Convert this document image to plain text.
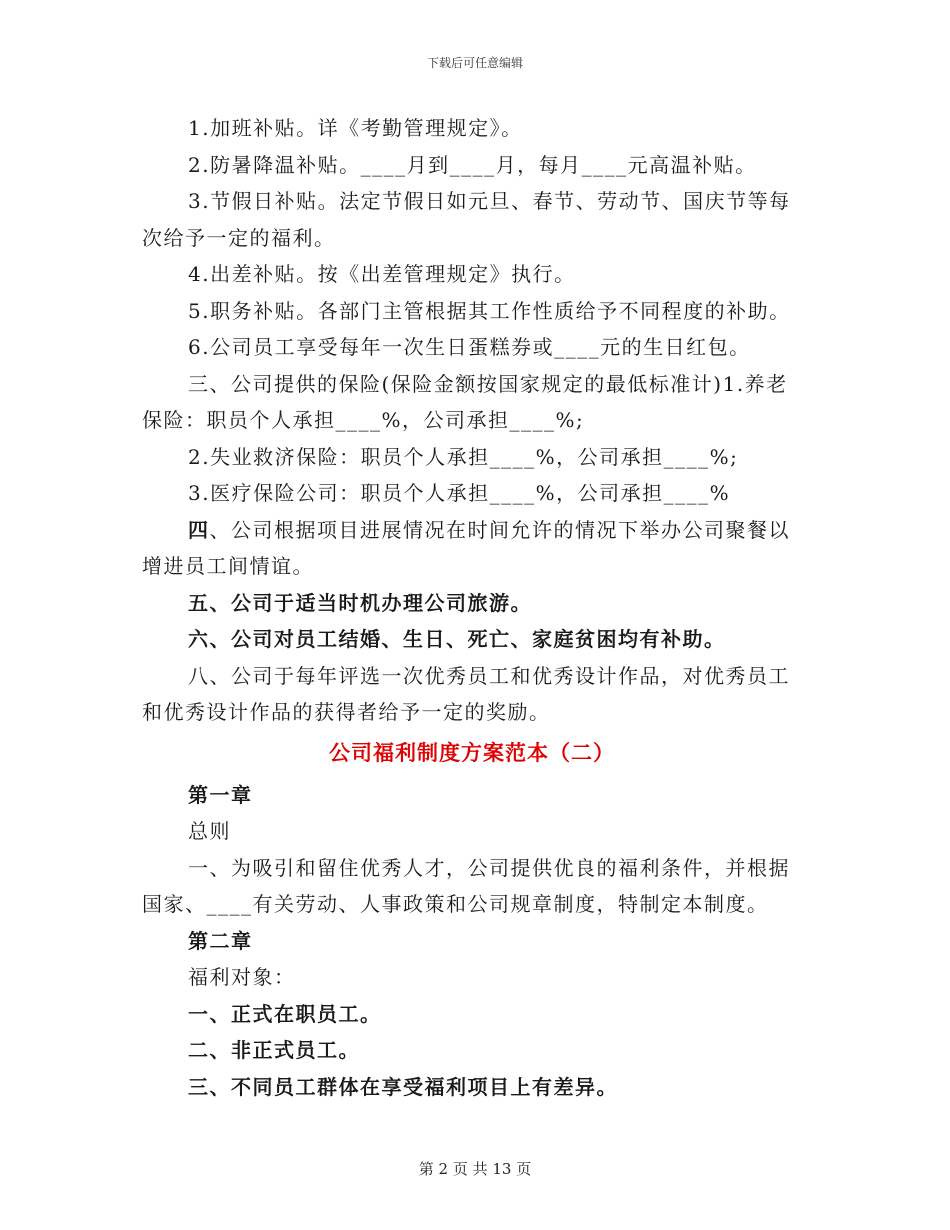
下载后可任意编辑

1.加班补贴。详《考勤管理规定》。

2.防暑降温补贴。____月到____月，每月____元高温补贴。

3.节假日补贴。法定节假日如元旦、春节、劳动节、国庆节等每次给予一定的福利。

4.出差补贴。按《出差管理规定》执行。

5.职务补贴。各部门主管根据其工作性质给予不同程度的补助。

6.公司员工享受每年一次生日蛋糕券或____元的生日红包。

三、公司提供的保险(保险金额按国家规定的最低标准计)1.养老保险：职员个人承担____%，公司承担____%;

2.失业救济保险：职员个人承担____%，公司承担____%;

3.医疗保险公司：职员个人承担____%，公司承担____%

四、公司根据项目进展情况在时间允许的情况下举办公司聚餐以增进员工间情谊。

五、公司于适当时机办理公司旅游。

六、公司对员工结婚、生日、死亡、家庭贫困均有补助。

八、公司于每年评选一次优秀员工和优秀设计作品，对优秀员工和优秀设计作品的获得者给予一定的奖励。

公司福利制度方案范本（二）

第一章

总则

一、为吸引和留住优秀人才，公司提供优良的福利条件，并根据国家、____有关劳动、人事政策和公司规章制度，特制定本制度。

第二章

福利对象：

一、正式在职员工。

二、非正式员工。

三、不同员工群体在享受福利项目上有差异。

第 2 页 共 13 页
